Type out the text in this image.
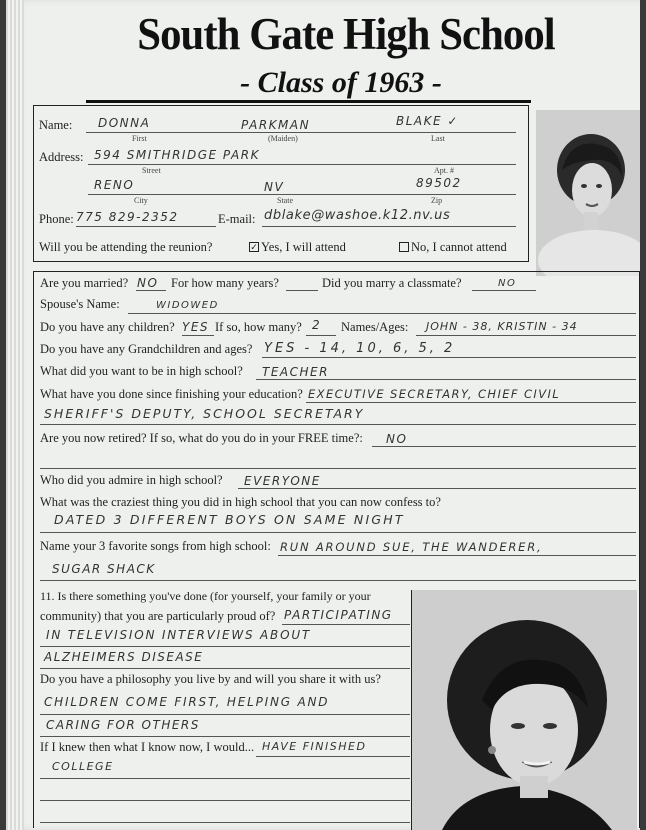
South Gate High School
- Class of 1963 -
Name: DONNA
First
PARKMAN
(Maiden)
BLAKE ✓
Last
Address: 594 SMITHRIDGE PARK
Street	Apt. #
RENO
City
NV
State
89502
Zip
Phone: 775 829-2352	E-mail: dblake@washoe.k12.nv.us
Will you be attending the reunion?	✓ Yes, I will attend	No, I cannot attend
Are you married? NO For how many years?	Did you marry a classmate?	NO
Spouse's Name:	WIDOWED
Do you have any children? YES If so, how many? 2 Names/Ages: JOHN - 38, KRISTIN - 34
Do you have any Grandchildren and ages? YES - 14, 10, 6, 5, 2
What did you want to be in high school? TEACHER
What have you done since finishing your education? EXECUTIVE SECRETARY, CHIEF CIVIL
SHERIFF'S DEPUTY, SCHOOL SECRETARY
Are you now retired? If so, what do you do in your FREE time?: NO
Who did you admire in high school? EVERYONE
What was the craziest thing you did in high school that you can now confess to?
DATED 3 DIFFERENT BOYS ON SAME NIGHT
Name your 3 favorite songs from high school: RUN AROUND SUE, THE WANDERER,
SUGAR SHACK
11. Is there something you've done (for yourself, your family or your
community) that you are particularly proud of? PARTICIPATING
IN TELEVISION INTERVIEWS ABOUT
ALZHEIMERS DISEASE
Do you have a philosophy you live by and will you share it with us?
CHILDREN COME FIRST, HELPING AND
CARING FOR OTHERS
If I knew then what I know now, I would... HAVE FINISHED
COLLEGE
